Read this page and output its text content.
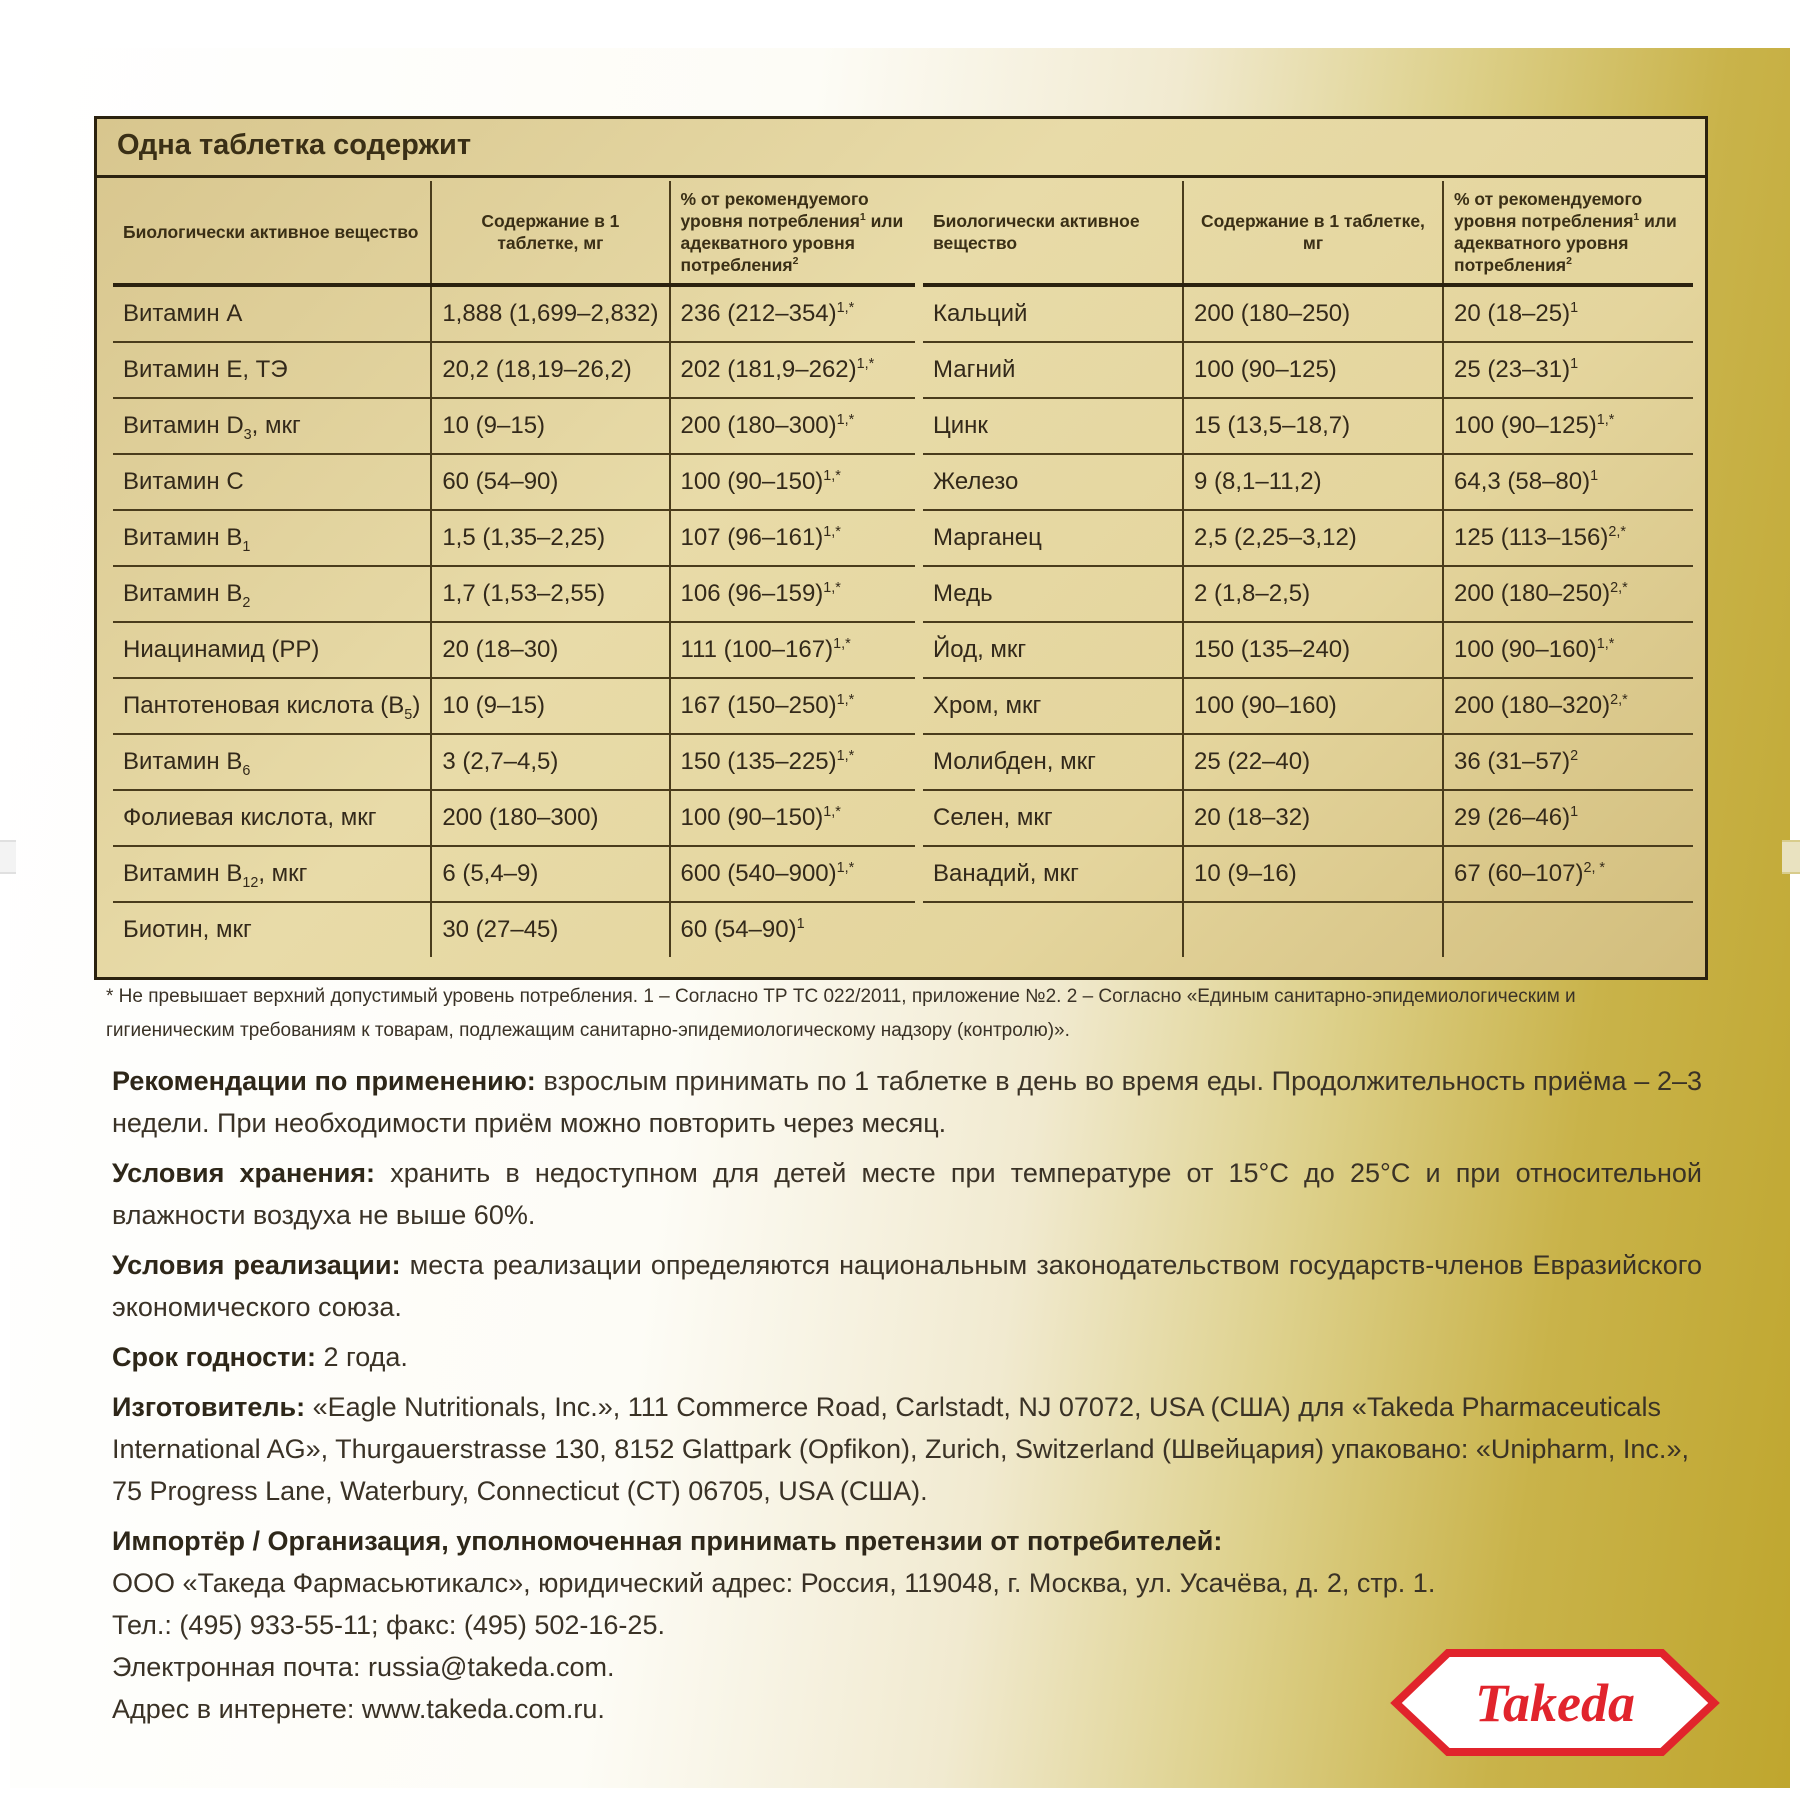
Одна таблетка содержит
Биологически активное вещество	Содержание в 1 таблетке, мг	% от рекомендуемого уровня потребления$^1$ или адекватного уровня потребления$^2$
Витамин A	1,888 (1,699–2,832)	236 $(212-354)^{1,*}$
Витамин E, ТЭ	20,2 (18,19–26,2)	202 $(181,9-262)^{1,*}$
Витамин $D_3$, мкг	10 (9–15)	200 $(180-300)^{1,*}$
Витамин C	60 (54–90)	100 $(90-150)^{1,*}$
Витамин $B_1$	1,5 (1,35–2,25)	107 $(96-161)^{1,*}$
Витамин $B_2$	1,7 (1,53–2,55)	106 $(96-159)^{1,*}$
Ниацинамид (PP)	20 (18–30)	111 $(100-167)^{1,*}$
Пантотеновая кислота $(B_5)$	10 (9–15)	167 $(150-250)^{1,*}$
Витамин $B_6$	3 (2,7–4,5)	150 $(135-225)^{1,*}$
Фолиевая кислота, мкг	200 (180–300)	100 $(90-150)^{1,*}$
Витамин $B_{12}$, мкг	6 (5,4–9)	600 $(540-900)^{1,*}$
Биотин, мкг	30 (27–45)	60 $(54-90)^1$
Биологически активное вещество	Содержание в 1 таблетке, мг	% от рекомендуемого уровня потребления$^1$ или адекватного уровня потребления$^2$
Кальций	200 (180–250)	20 $(18-25)^1$
Магний	100 (90–125)	25 $(23-31)^1$
Цинк	15 (13,5–18,7)	100 $(90-125)^{1,*}$
Железо	9 (8,1–11,2)	64,3 $(58-80)^1$
Марганец	2,5 (2,25–3,12)	125 $(113-156)^{2,*}$
Медь	2 (1,8–2,5)	200 $(180-250)^{2,*}$
Йод, мкг	150 (135–240)	100 $(90-160)^{1,*}$
Хром, мкг	100 (90–160)	200 $(180-320)^{2,*}$
Молибден, мкг	25 (22–40)	36 $(31-57)^2$
Селен, мкг	20 (18–32)	29 $(26-46)^1$
Ванадий, мкг	10 (9–16)	67 $(60-107)^{2, *}$

* Не превышает верхний допустимый уровень потребления. 1 – Согласно ТР ТС 022/2011, приложение №2. 2 – Согласно «Единым санитарно-эпидемиологическим и гигиеническим требованиям к товарам, подлежащим санитарно-эпидемиологическому надзору (контролю)».

Рекомендации по применению: взрослым принимать по 1 таблетке в день во время еды. Продолжительность приёма – 2–3 недели. При необходимости приём можно повторить через месяц.

Условия хранения: хранить в недоступном для детей месте при температуре от 15°С до 25°С и при относительной влажности воздуха не выше 60%.

Условия реализации: места реализации определяются национальным законодательством государств-членов Евразийского экономического союза.

Срок годности: 2 года.

Изготовитель: «Eagle Nutritionals, Inc.», 111 Commerce Road, Carlstadt, NJ 07072, USA (США) для «Takeda Pharmaceuticals International AG», Thurgauerstrasse 130, 8152 Glattpark (Opfikon), Zurich, Switzerland (Швейцария) упаковано: «Unipharm, Inc.», 75 Progress Lane, Waterbury, Connecticut (CT) 06705, USA (США).

Импортёр / Организация, уполномоченная принимать претензии от потребителей:
ООО «Такеда Фармасьютикалс», юридический адрес: Россия, 119048, г. Москва, ул. Усачёва, д. 2, стр. 1.
Тел.: (495) 933-55-11; факс: (495) 502-16-25.
Электронная почта: russia@takeda.com.
Адрес в интернете: www.takeda.com.ru.	Takeda
